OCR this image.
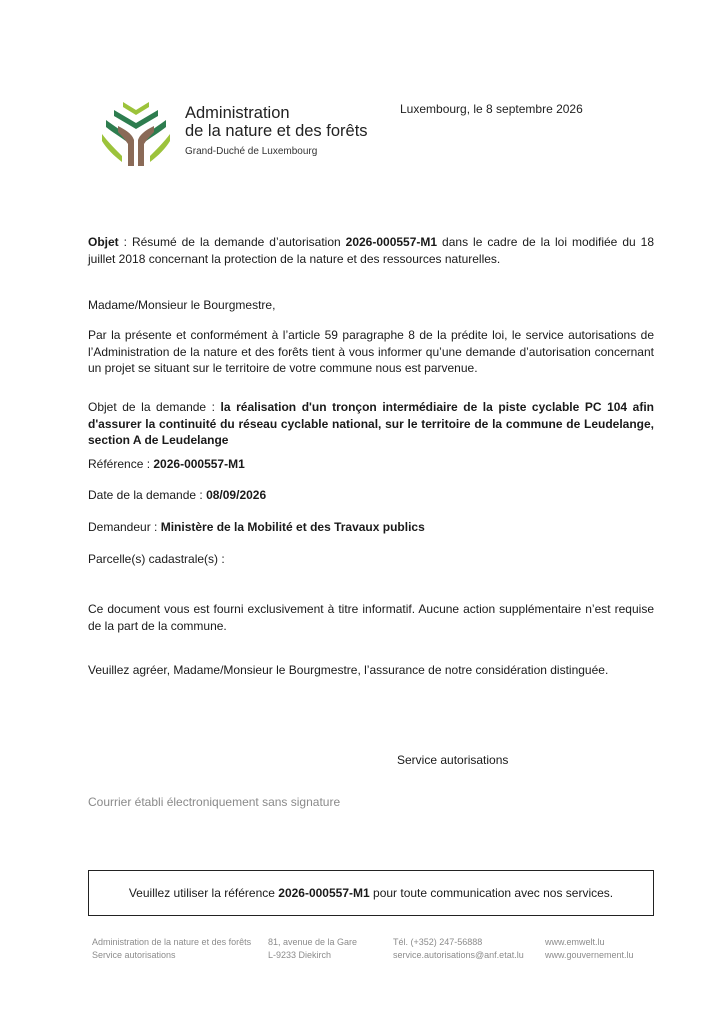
Administration
de la nature et des forêts
Grand-Duché de Luxembourg
Luxembourg, le 8 septembre 2026
Objet : Résumé de la demande d’autorisation 2026-000557-M1 dans le cadre de la loi modifiée du 18 juillet 2018 concernant la protection de la nature et des ressources naturelles.
Madame/Monsieur le Bourgmestre,
Par la présente et conformément à l’article 59 paragraphe 8 de la prédite loi, le service autorisations de l’Administration de la nature et des forêts tient à vous informer qu’une demande d’autorisation concernant un projet se situant sur le territoire de votre commune nous est parvenue.
Objet de la demande : la réalisation d'un tronçon intermédiaire de la piste cyclable PC 104 afin d'assurer la continuité du réseau cyclable national, sur le territoire de la commune de Leudelange, section A de Leudelange
Référence : 2026-000557-M1
Date de la demande : 08/09/2026
Demandeur : Ministère de la Mobilité et des Travaux publics
Parcelle(s) cadastrale(s) :
Ce document vous est fourni exclusivement à titre informatif. Aucune action supplémentaire n’est requise de la part de la commune.
Veuillez agréer, Madame/Monsieur le Bourgmestre, l’assurance de notre considération distinguée.
Service autorisations
Courrier établi électroniquement sans signature
Veuillez utiliser la référence
2026-000557-M1
pour toute communication avec nos services.
Administration de la nature et des forêts
Service autorisations
81, avenue de la Gare
L-9233 Diekirch
Tél. (+352) 247-56888
service.autorisations@anf.etat.lu
www.emwelt.lu
www.gouvernement.lu
